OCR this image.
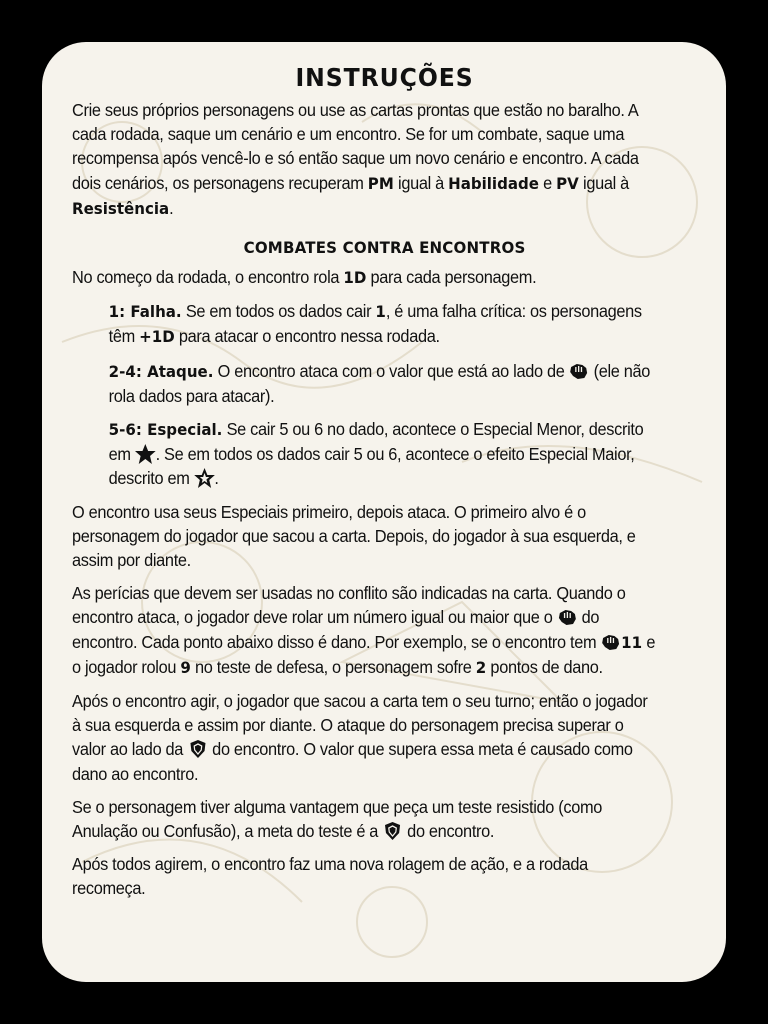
INSTRUÇÕES

Crie seus próprios personagens ou use as cartas prontas que estão no baralho. A cada rodada, saque um cenário e um encontro. Se for um combate, saque uma recompensa após vencê-lo e só então saque um novo cenário e encontro. A cada dois cenários, os personagens recuperam PM igual à Habilidade e PV igual à Resistência.

COMBATES CONTRA ENCONTROS

No começo da rodada, o encontro rola 1D para cada personagem.

1: Falha. Se em todos os dados cair 1, é uma falha crítica: os personagens têm +1D para atacar o encontro nessa rodada.

2-4: Ataque. O encontro ataca com o valor que está ao lado de
(ele não rola dados para atacar).

5-6: Especial. Se cair 5 ou 6 no dado, acontece o Especial Menor, descrito em
. Se em todos os dados cair 5 ou 6, acontece o efeito Especial Maior, descrito em
.

O encontro usa seus Especiais primeiro, depois ataca. O primeiro alvo é o personagem do jogador que sacou a carta. Depois, do jogador à sua esquerda, e assim por diante.

As perícias que devem ser usadas no conflito são indicadas na carta. Quando o encontro ataca, o jogador deve rolar um número igual ou maior que o
do encontro. Cada ponto abaixo disso é dano. Por exemplo, se o encontro tem
11 e o jogador rolou 9 no teste de defesa, o personagem sofre 2 pontos de dano.

Após o encontro agir, o jogador que sacou a carta tem o seu turno; então o jogador à sua esquerda e assim por diante. O ataque do personagem precisa superar o valor ao lado da
do encontro. O valor que supera essa meta é causado como dano ao encontro.

Se o personagem tiver alguma vantagem que peça um teste resistido (como Anulação ou Confusão), a meta do teste é a
do encontro.

Após todos agirem, o encontro faz uma nova rolagem de ação, e a rodada recomeça.
